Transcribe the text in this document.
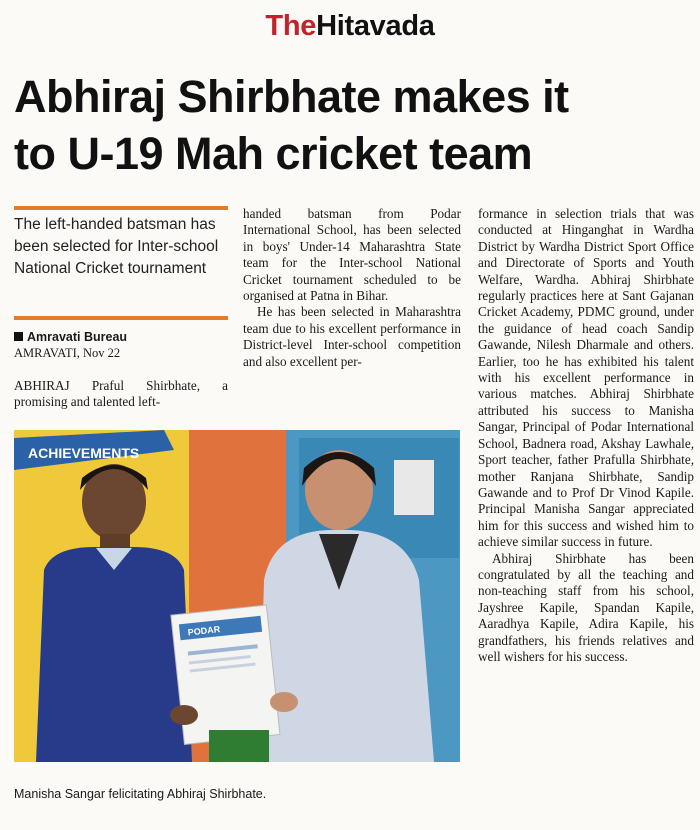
TheHitavada
Abhiraj Shirbhate makes it
to U-19 Mah cricket team
The left-handed batsman has been selected for Inter-school National Cricket tournament
Amravati Bureau
AMRAVATI, Nov 22

ABHIRAJ Praful Shirbhate, a promising and talented left-

handed batsman from Podar International School, has been selected in boys' Under-14 Maharashtra State team for the Inter-school National Cricket tournament scheduled to be organised at Patna in Bihar.

He has been selected in Maharashtra team due to his excellent performance in District-level Inter-school competition and also excellent per-

formance in selection trials that was conducted at Hinganghat in Wardha District by Wardha District Sport Office and Directorate of Sports and Youth Welfare, Wardha. Abhiraj Shirbhate regularly practices here at Sant Gajanan Cricket Academy, PDMC ground, under the guidance of head coach Sandip Gawande, Nilesh Dharmale and others. Earlier, too he has exhibited his talent with his excellent performance in various matches. Abhiraj Shirbhate attributed his success to Manisha Sangar, Principal of Podar International School, Badnera road, Akshay Lawhale, Sport teacher, father Prafulla Shirbhate, mother Ranjana Shirbhate, Sandip Gawande and to Prof Dr Vinod Kapile. Principal Manisha Sangar appreciated him for this success and wished him to achieve similar success in future.

Abhiraj Shirbhate has been congratulated by all the teaching and non-teaching staff from his school, Jayshree Kapile, Spandan Kapile, Aaradhya Kapile, Adira Kapile, his grandfathers, his friends relatives and well wishers for his success.

ACHIEVEMENTS
PODAR
Manisha Sangar felicitating Abhiraj Shirbhate.
